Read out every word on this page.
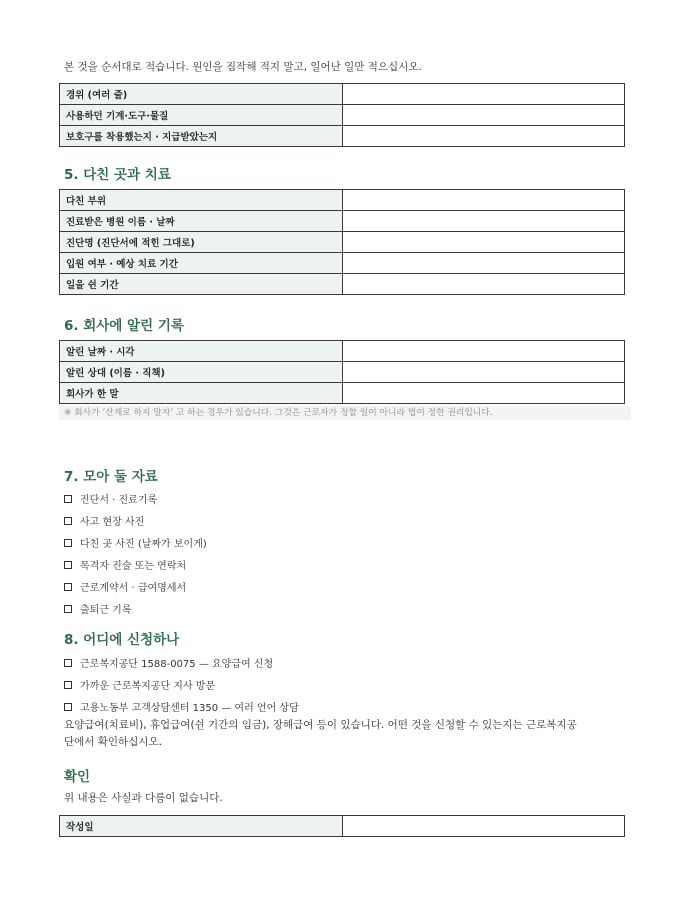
본 것을 순서대로 적습니다. 원인을 짐작해 적지 말고, 일어난 일만 적으십시오.
경위 (여러 줄)	
사용하던 기계·도구·물질	
보호구를 착용했는지 · 지급받았는지	
5. 다친 곳과 치료
다친 부위	
진료받은 병원 이름 · 날짜	
진단명 (진단서에 적힌 그대로)	
입원 여부 · 예상 치료 기간	
일을 쉰 기간	
6. 회사에 알린 기록
알린 날짜 · 시각	
알린 상대 (이름 · 직책)	
회사가 한 말	
※ 회사가 ‘산재로 하지 말자’ 고 하는 경우가 있습니다. 그것은 근로자가 정할 일이 아니라 법이 정한 권리입니다.
7. 모아 둘 자료
진단서 · 진료기록
사고 현장 사진
다친 곳 사진 (날짜가 보이게)
목격자 진술 또는 연락처
근로계약서 · 급여명세서
출퇴근 기록
8. 어디에 신청하나
근로복지공단 1588-0075 — 요양급여 신청
가까운 근로복지공단 지사 방문
고용노동부 고객상담센터 1350 — 여러 언어 상담
요양급여(치료비), 휴업급여(쉰 기간의 임금), 장해급여 등이 있습니다. 어떤 것을 신청할 수 있는지는 근로복지공
단에서 확인하십시오.
확인
위 내용은 사실과 다름이 없습니다.
작성일	
